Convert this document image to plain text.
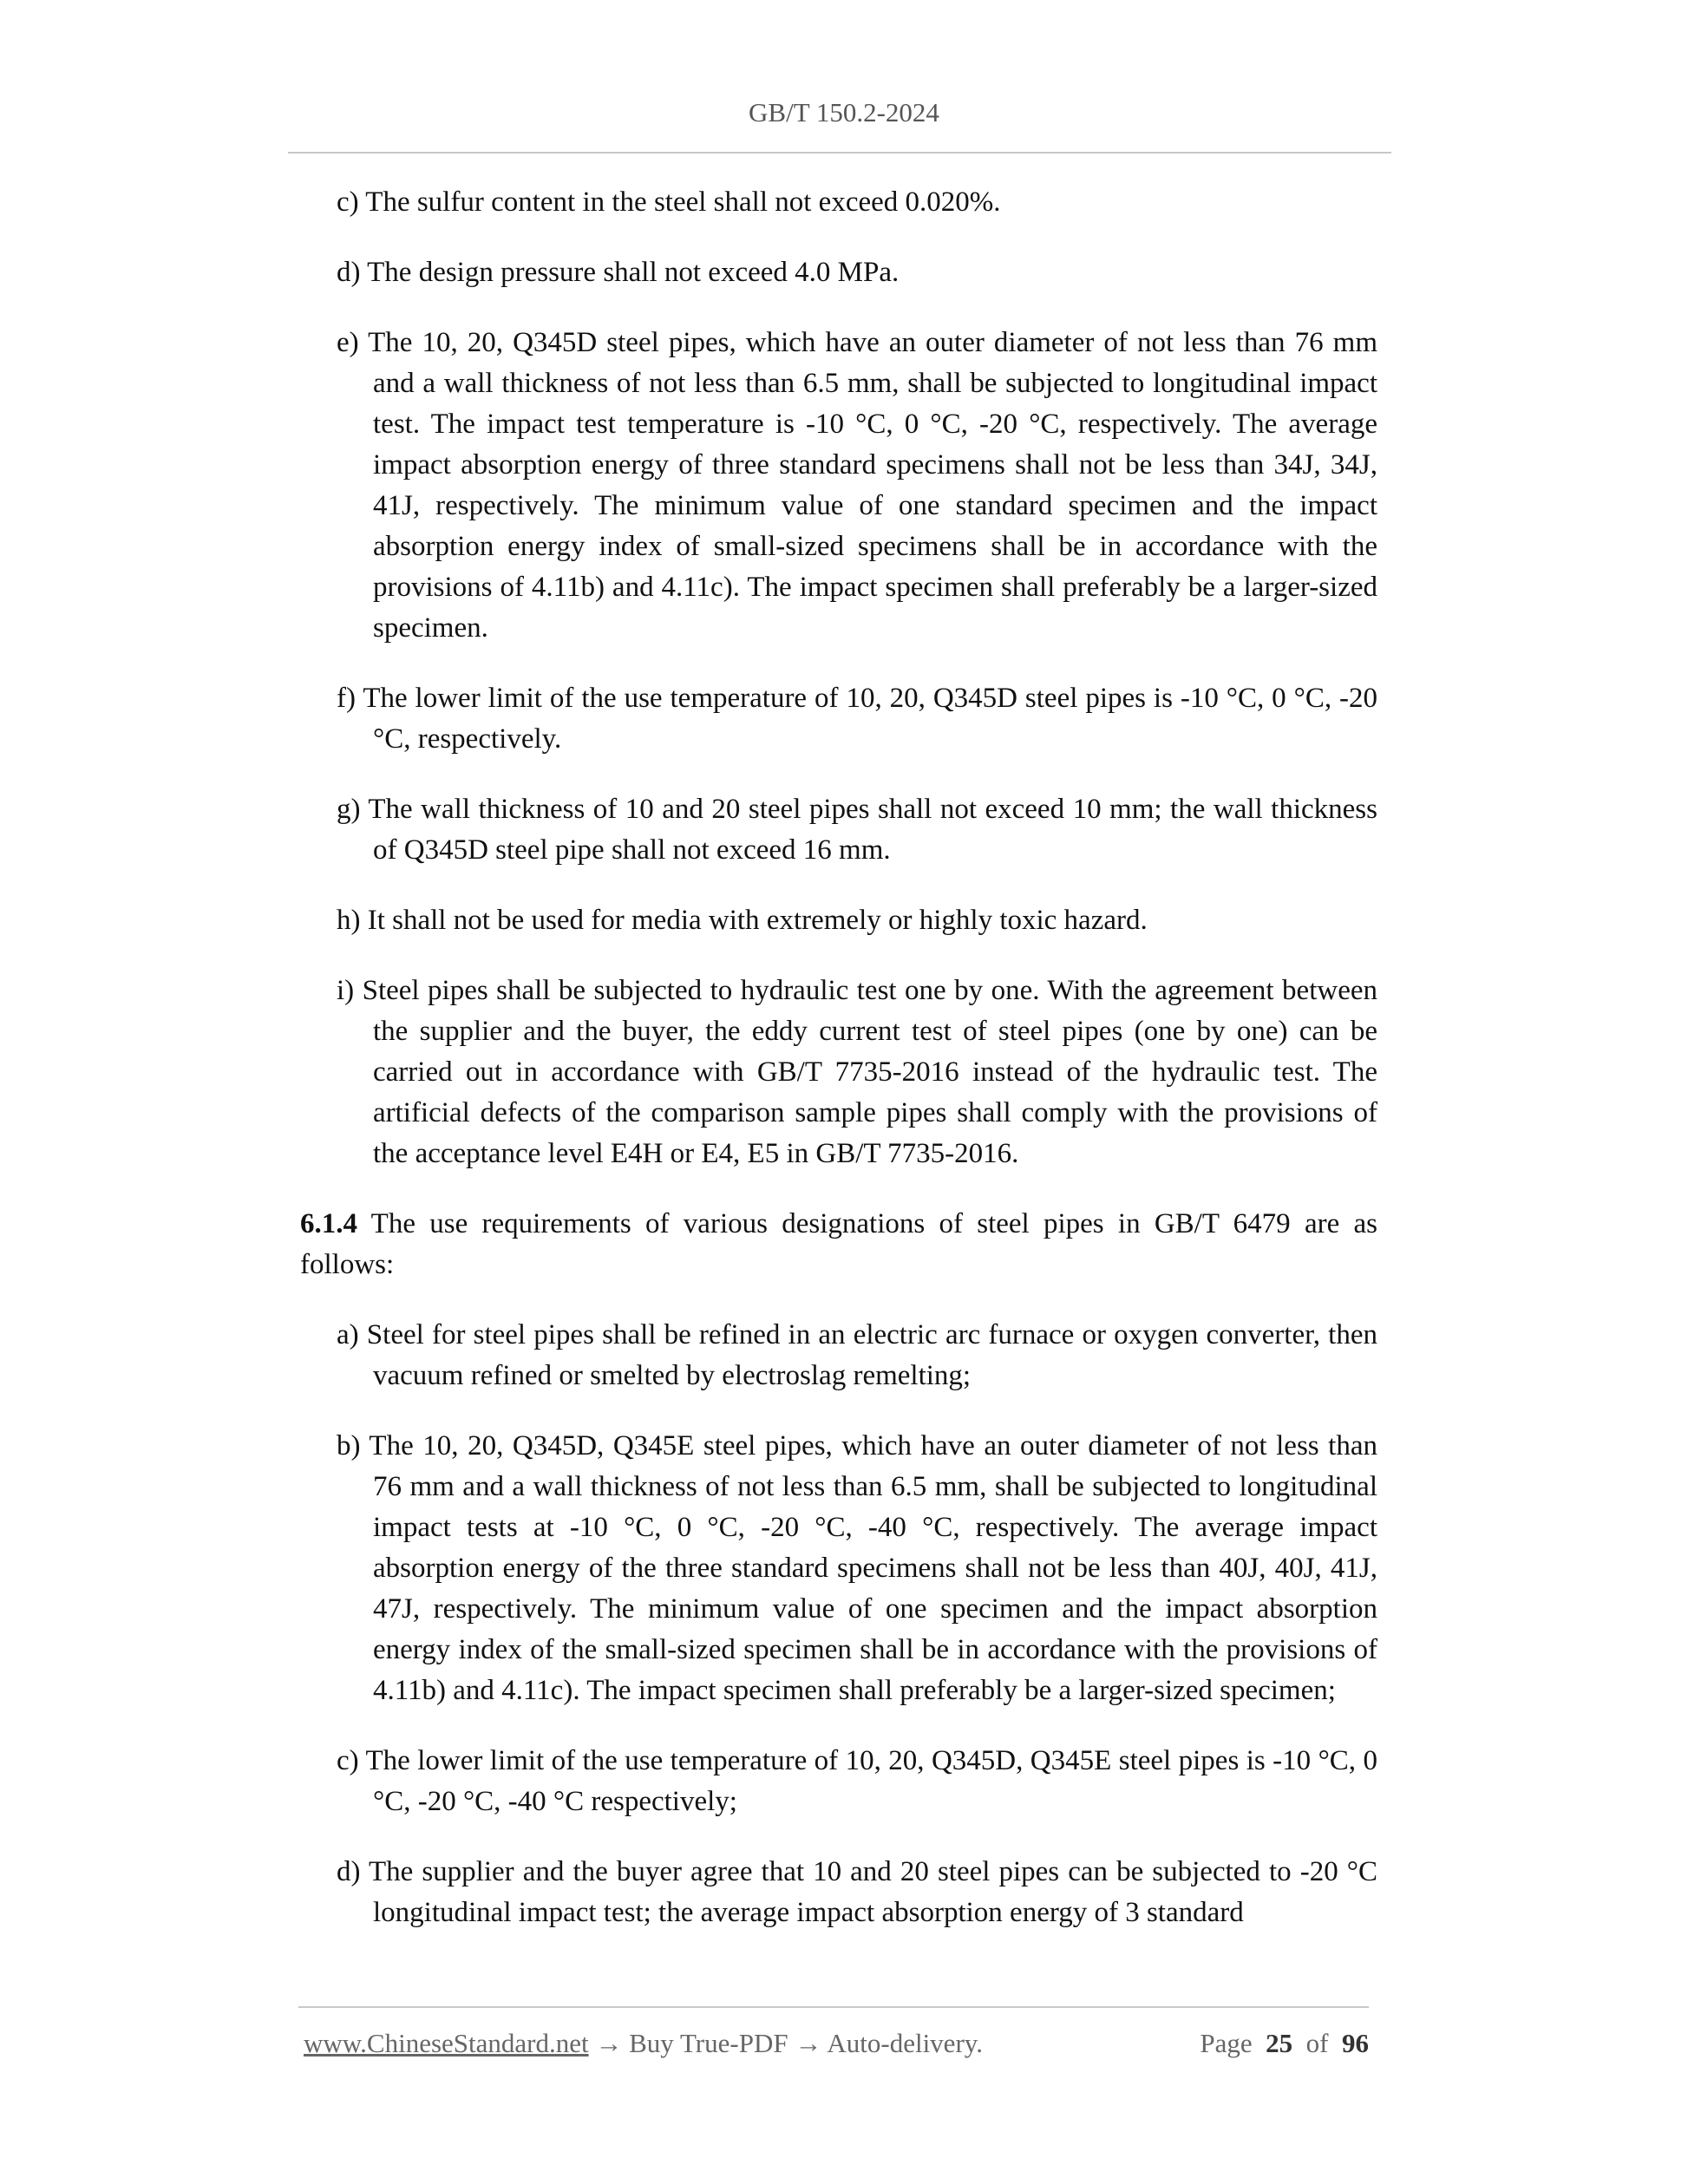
GB/T 150.2-2024

c) The sulfur content in the steel shall not exceed 0.020%.

d) The design pressure shall not exceed 4.0 MPa.

e) The 10, 20, Q345D steel pipes, which have an outer diameter of not less than 76 mm and a wall thickness of not less than 6.5 mm, shall be subjected to longitudinal impact test. The impact test temperature is -10 °C, 0 °C, -20 °C, respectively. The average impact absorption energy of three standard specimens shall not be less than 34J, 34J, 41J, respectively. The minimum value of one standard specimen and the impact absorption energy index of small-sized specimens shall be in accordance with the provisions of 4.11b) and 4.11c). The impact specimen shall preferably be a larger-sized specimen.

f) The lower limit of the use temperature of 10, 20, Q345D steel pipes is -10 °C, 0 °C, -20 °C, respectively.

g) The wall thickness of 10 and 20 steel pipes shall not exceed 10 mm; the wall thickness of Q345D steel pipe shall not exceed 16 mm.

h) It shall not be used for media with extremely or highly toxic hazard.

i) Steel pipes shall be subjected to hydraulic test one by one. With the agreement between the supplier and the buyer, the eddy current test of steel pipes (one by one) can be carried out in accordance with GB/T 7735-2016 instead of the hydraulic test. The artificial defects of the comparison sample pipes shall comply with the provisions of the acceptance level E4H or E4, E5 in GB/T 7735-2016.

6.1.4 The use requirements of various designations of steel pipes in GB/T 6479 are as follows:

a) Steel for steel pipes shall be refined in an electric arc furnace or oxygen converter, then vacuum refined or smelted by electroslag remelting;

b) The 10, 20, Q345D, Q345E steel pipes, which have an outer diameter of not less than 76 mm and a wall thickness of not less than 6.5 mm, shall be subjected to longitudinal impact tests at -10 °C, 0 °C, -20 °C, -40 °C, respectively. The average impact absorption energy of the three standard specimens shall not be less than 40J, 40J, 41J, 47J, respectively. The minimum value of one specimen and the impact absorption energy index of the small-sized specimen shall be in accordance with the provisions of 4.11b) and 4.11c). The impact specimen shall preferably be a larger-sized specimen;

c) The lower limit of the use temperature of 10, 20, Q345D, Q345E steel pipes is -10 °C, 0 °C, -20 °C, -40 °C respectively;

d) The supplier and the buyer agree that 10 and 20 steel pipes can be subjected to -20 °C longitudinal impact test; the average impact absorption energy of 3 standard

www.ChineseStandard.net → Buy True-PDF → Auto-delivery.	Page 25 of 96
